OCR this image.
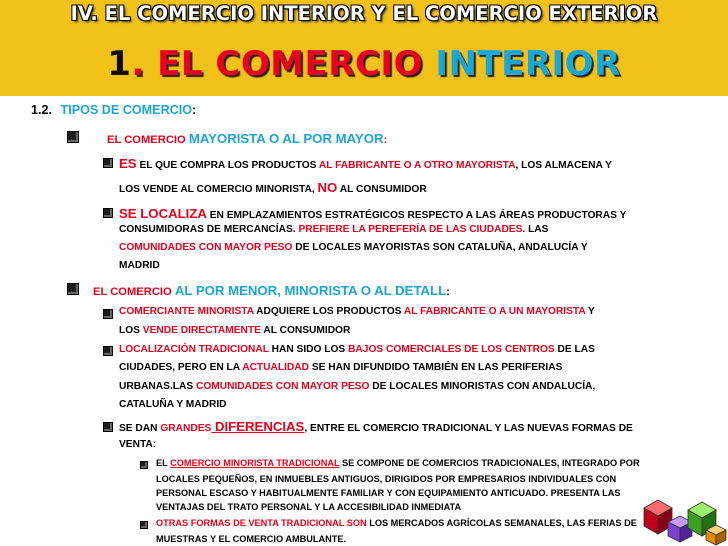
IV. EL COMERCIO INTERIOR Y EL COMERCIO EXTERIOR
1. EL COMERCIO INTERIOR
1.2. TIPOS DE COMERCIO:
EL COMERCIO MAYORISTA O AL POR MAYOR:
ES EL QUE COMPRA LOS PRODUCTOS AL FABRICANTE O A OTRO MAYORISTA, LOS ALMACENA Y
LOS VENDE AL COMERCIO MINORISTA, NO AL CONSUMIDOR
SE LOCALIZA EN EMPLAZAMIENTOS ESTRATÉGICOS RESPECTO A LAS ÁREAS PRODUCTORAS Y
CONSUMIDORAS DE MERCANCÍAS. PREFIERE LA PEREFERÍA DE LAS CIUDADES. LAS
COMUNIDADES CON MAYOR PESO DE LOCALES MAYORISTAS SON CATALUÑA, ANDALUCÍA Y
MADRID
EL COMERCIO AL POR MENOR, MINORISTA O AL DETALL:
COMERCIANTE MINORISTA ADQUIERE LOS PRODUCTOS AL FABRICANTE O A UN MAYORISTA Y
LOS VENDE DIRECTAMENTE AL CONSUMIDOR
LOCALIZACIÓN TRADICIONAL HAN SIDO LOS BAJOS COMERCIALES DE LOS CENTROS DE LAS
CIUDADES, PERO EN LA ACTUALIDAD SE HAN DIFUNDIDO TAMBIÉN EN LAS PERIFERIAS
URBANAS.LAS COMUNIDADES CON MAYOR PESO DE LOCALES MINORISTAS CON ANDALUCÍA,
CATALUÑA Y MADRID
SE DAN GRANDES DIFERENCIAS, ENTRE EL COMERCIO TRADICIONAL Y LAS NUEVAS FORMAS DE
VENTA:
EL COMERCIO MINORISTA TRADICIONAL SE COMPONE DE COMERCIOS TRADICIONALES, INTEGRADO POR
LOCALES PEQUEÑOS, EN INMUEBLES ANTIGUOS, DIRIGIDOS POR EMPRESARIOS INDIVIDUALES CON
PERSONAL ESCASO Y HABITUALMENTE FAMILIAR Y CON EQUIPAMIENTO ANTICUADO. PRESENTA LAS
VENTAJAS DEL TRATO PERSONAL Y LA ACCESIBILIDAD INMEDIATA
OTRAS FORMAS DE VENTA TRADICIONAL SON LOS MERCADOS AGRÍCOLAS SEMANALES, LAS FERIAS DE
MUESTRAS Y EL COMERCIO AMBULANTE.
